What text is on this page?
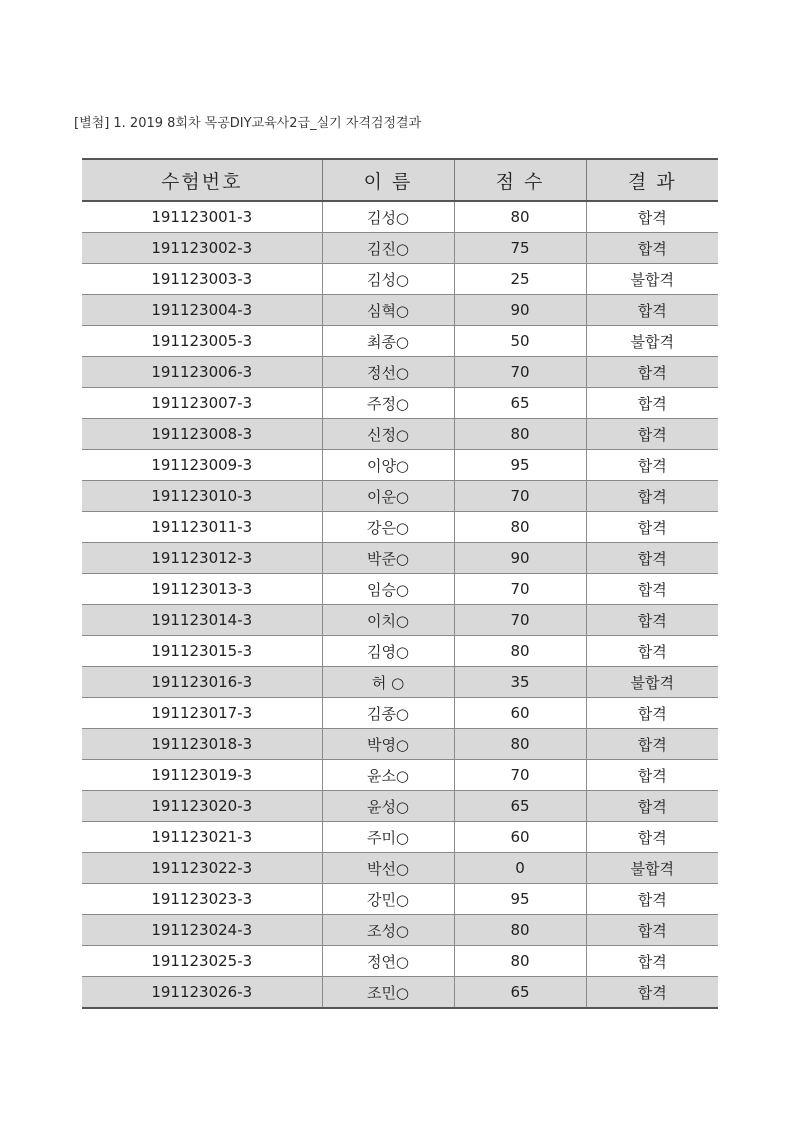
[별첨] 1. 2019 8회차 목공DIY교육사2급_실기 자격검정결과
수험번호	이 름	점 수	결 과
191123001-3	김성○	80	합격
191123002-3	김진○	75	합격
191123003-3	김성○	25	불합격
191123004-3	심혁○	90	합격
191123005-3	최종○	50	불합격
191123006-3	정선○	70	합격
191123007-3	주정○	65	합격
191123008-3	신정○	80	합격
191123009-3	이양○	95	합격
191123010-3	이운○	70	합격
191123011-3	강은○	80	합격
191123012-3	박준○	90	합격
191123013-3	임승○	70	합격
191123014-3	이치○	70	합격
191123015-3	김영○	80	합격
191123016-3	허 ○	35	불합격
191123017-3	김종○	60	합격
191123018-3	박영○	80	합격
191123019-3	윤소○	70	합격
191123020-3	윤성○	65	합격
191123021-3	주미○	60	합격
191123022-3	박선○	0	불합격
191123023-3	강민○	95	합격
191123024-3	조성○	80	합격
191123025-3	정연○	80	합격
191123026-3	조민○	65	합격
